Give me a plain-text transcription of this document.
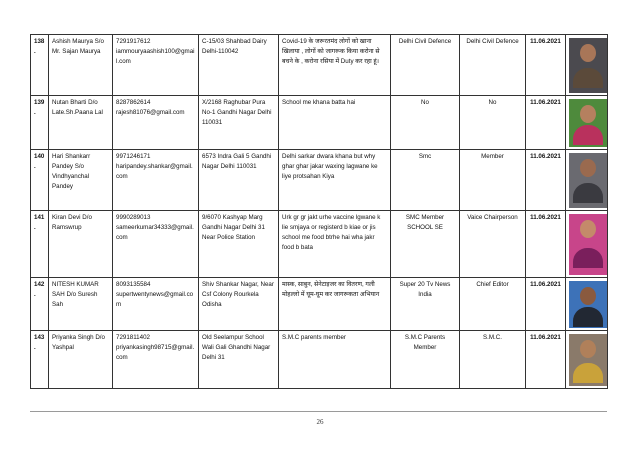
138.	Ashish Maurya S/o Mr. Sajan Maurya	7291917612 iammouryaashish100@gmail.com	C-15/03 Shahbad Dairy Delhi-110042	Covid-19 के जरूरतमंद लोगों को खाना खिलाया , लोगों को जागरूक किया करोना से बचने के , करोना रसिया में Duty कर रहा हूं।	Delhi Civil Defence	Delhi Civil Defence	11.06.2021	

139.	Nutan Bharti D/o Late.Sh.Paana Lal	8287862614 rajesh81076@gmail.com	X/2168 Raghubar Pura No-1 Gandhi Nagar Delhi 110031	School me khana batta hai	No	No	11.06.2021	

140.	Hari Shankarr Pandey S/o Vindhyanchal Pandey	9971246171 haripandey.shankar@gmail.com	6573 Indra Gali 5 Gandhi Nagar Delhi 110031	Delhi sarkar dwara khana but why ghar ghar jakar waxing lagwane ke liye protsahan Kiya	Smc	Member	11.06.2021	

141.	Kiran Devi D/o Ramswrup	9990289013 sameerkumar34333@gmail.com	9/6070 Kashyap Marg Gandhi Nagar Delhi 31 Near Police Station	Urk gr gr jakt urhe vaccine lgwane k lie smjaya or registerd b kiae or jis school me food btrhe hai wha jakr food b bata	SMC Member SCHOOL SE	Vaice Chairperson	11.06.2021	

142.	NITESH KUMAR SAH D/o Suresh Sah	8093135584 supertwentynews@gmail.com	Shiv Shankar Nagar, Near Csf Colony Rourkela Odisha	मास्क, साबुन, सेनेटाइजर का वितरण, गली मोहल्लो में घूम-घूम कर जागरूकता अभियान	Super 20 Tv News India	Chief Editor	11.06.2021	

143.	Priyanka Singh D/o Yashpal	7291811402 priyankasingh98715@gmail.com	Old Seelampur School Wali Gali Ghandhi Nagar Delhi 31	S.M.C parents member	S.M.C Parents Member	S.M.C.	11.06.2021	
26
